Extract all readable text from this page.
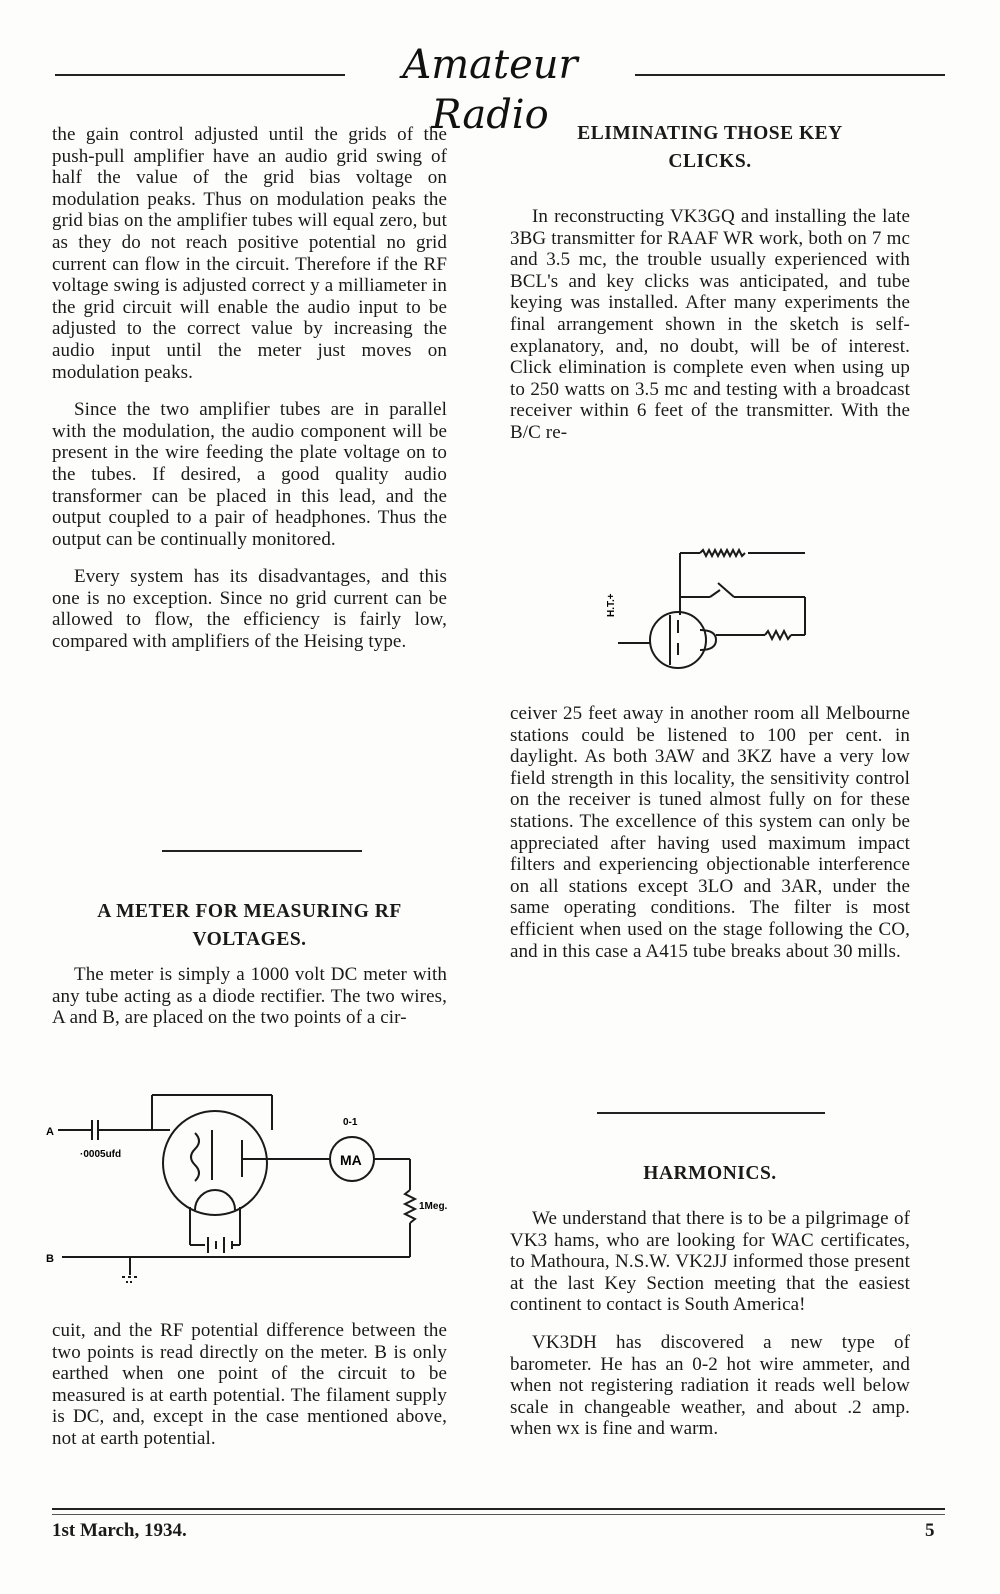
Amateur Radio

the gain control adjusted until the grids of the push-pull amplifier have an audio grid swing of half the value of the grid bias voltage on modulation peaks. Thus on modulation peaks the grid bias on the amplifier tubes will equal zero, but as they do not reach positive potential no grid current can flow in the circuit. Therefore if the RF voltage swing is adjusted correct y a milliameter in the grid circuit will enable the audio input to be adjusted to the correct value by increasing the audio input until the meter just moves on modulation peaks.

Since the two amplifier tubes are in parallel with the modulation, the audio component will be present in the wire feeding the plate voltage on to the tubes. If desired, a good quality audio transformer can be placed in this lead, and the output coupled to a pair of headphones. Thus the output can be continually monitored.

Every system has its disadvantages, and this one is no exception. Since no grid current can be allowed to flow, the efficiency is fairly low, compared with amplifiers of the Heising type.

A METER FOR MEASURING RF VOLTAGES.

The meter is simply a 1000 volt DC meter with any tube acting as a diode rectifier. The two wires, A and B, are placed on the two points of a cir-

A
B
·0005ufd
0-1
MA
1Meg.

cuit, and the RF potential difference between the two points is read directly on the meter. B is only earthed when one point of the circuit to be measured is at earth potential. The filament supply is DC, and, except in the case mentioned above, not at earth potential.

ELIMINATING THOSE KEY CLICKS.

In reconstructing VK3GQ and installing the late 3BG transmitter for RAAF WR work, both on 7 mc and 3.5 mc, the trouble usually experienced with BCL's and key clicks was anticipated, and tube keying was installed. After many experiments the final arrangement shown in the sketch is self-explanatory, and, no doubt, will be of interest. Click elimination is complete even when using up to 250 watts on 3.5 mc and testing with a broadcast receiver within 6 feet of the transmitter. With the B/C re-

H.T.+

ceiver 25 feet away in another room all Melbourne stations could be listened to 100 per cent. in daylight. As both 3AW and 3KZ have a very low field strength in this locality, the sensitivity control on the receiver is tuned almost fully on for these stations. The excellence of this system can only be appreciated after having used maximum impact filters and experiencing objectionable interference on all stations except 3LO and 3AR, under the same operating conditions. The filter is most efficient when used on the stage following the CO, and in this case a A415 tube breaks about 30 mills.

HARMONICS.

We understand that there is to be a pilgrimage of VK3 hams, who are looking for WAC certificates, to Mathoura, N.S.W. VK2JJ informed those present at the last Key Section meeting that the easiest continent to contact is South America!

VK3DH has discovered a new type of barometer. He has an 0-2 hot wire ammeter, and when not registering radiation it reads well below scale in changeable weather, and about .2 amp. when wx is fine and warm.

1st March, 1934.	5
